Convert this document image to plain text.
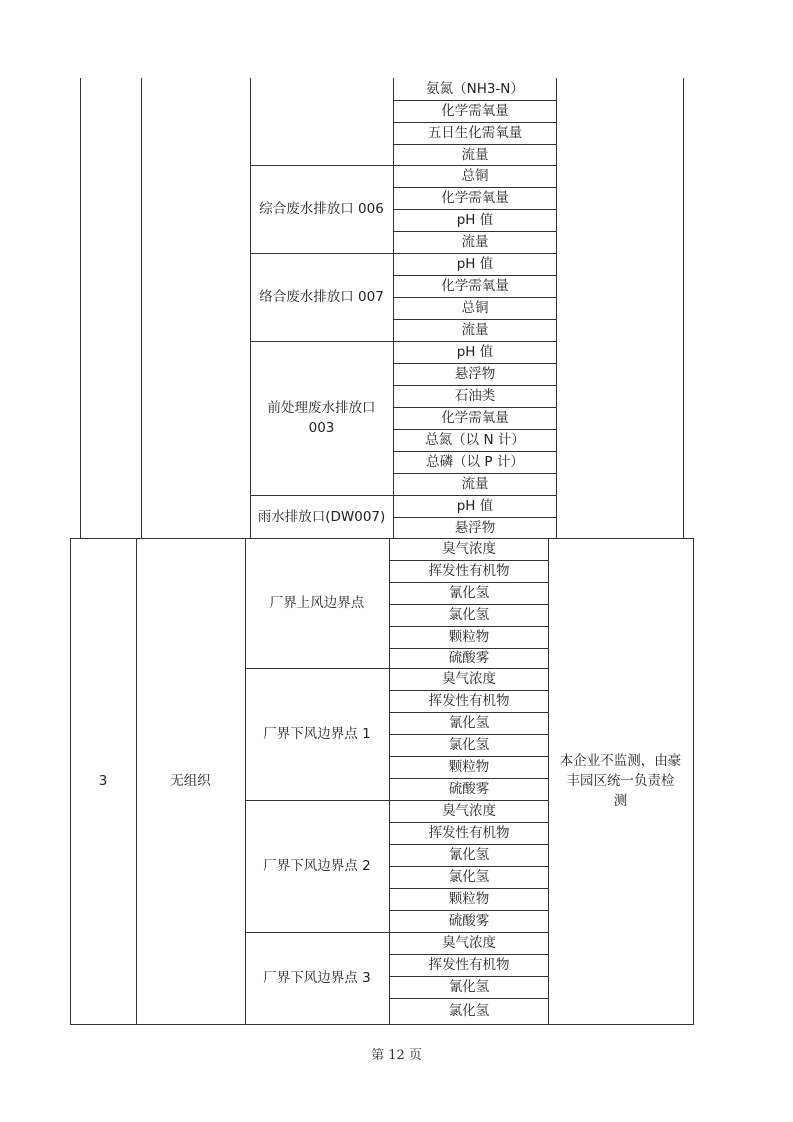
氨氮（NH3-N）
化学需氧量
五日生化需氧量
流量
综合废水排放口 006
总铜
化学需氧量
pH 值
流量
络合废水排放口 007
pH 值
化学需氧量
总铜
流量
前处理废水排放口
003
pH 值
悬浮物
石油类
化学需氧量
总氮（以 N 计）
总磷（以 P 计）
流量
雨水排放口(DW007)
pH 值
悬浮物
3	无组织
本企业不监测，由豪
丰园区统一负责检
测
厂界上风边界点
臭气浓度
挥发性有机物
氰化氢
氯化氢
颗粒物
硫酸雾
厂界下风边界点 1
臭气浓度
挥发性有机物
氰化氢
氯化氢
颗粒物
硫酸雾
厂界下风边界点 2
臭气浓度
挥发性有机物
氰化氢
氯化氢
颗粒物
硫酸雾
厂界下风边界点 3
臭气浓度
挥发性有机物
氰化氢
氯化氢
第 12 页
